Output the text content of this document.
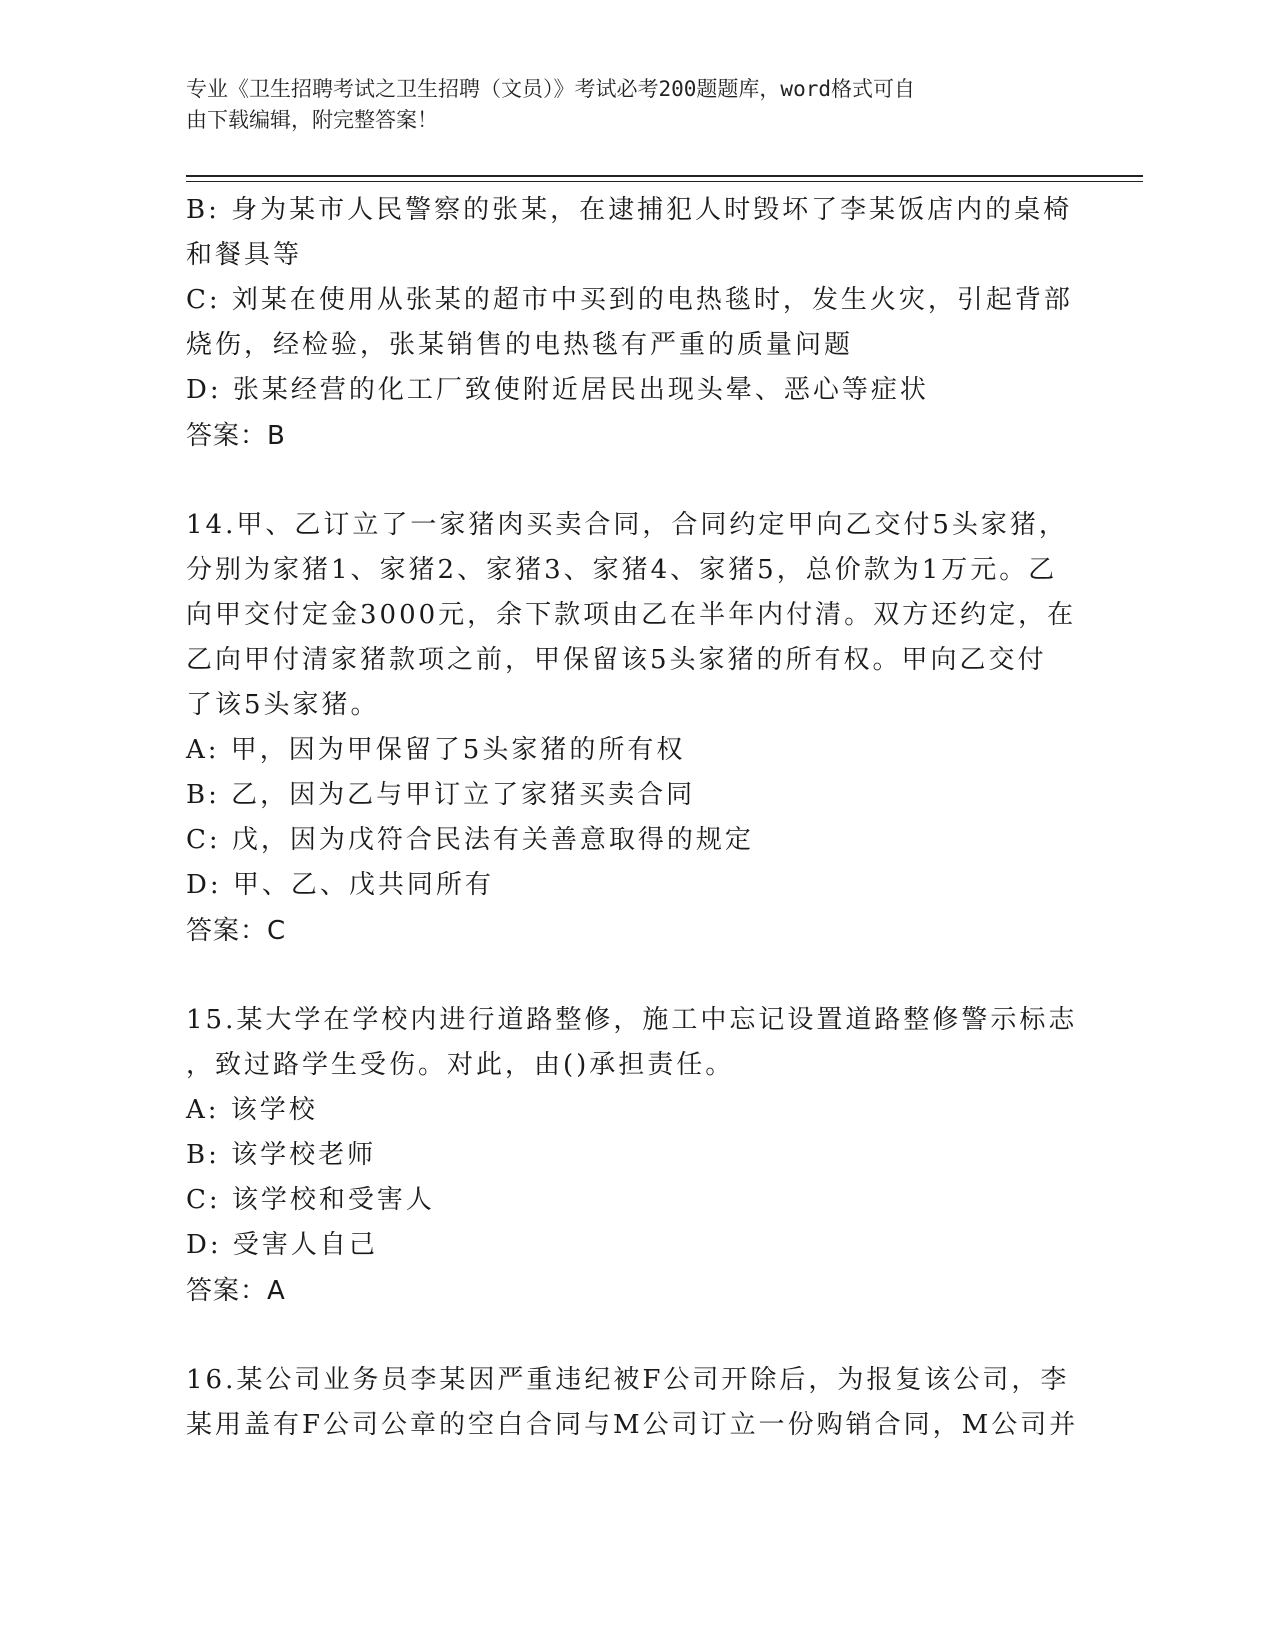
专业《卫生招聘考试之卫生招聘（文员）》考试必考200题题库，word格式可自
由下载编辑，附完整答案！
B: 身为某市人民警察的张某，在逮捕犯人时毁坏了李某饭店内的桌椅
和餐具等
C: 刘某在使用从张某的超市中买到的电热毯时，发生火灾，引起背部
烧伤，经检验，张某销售的电热毯有严重的质量问题
D: 张某经营的化工厂致使附近居民出现头晕、恶心等症状
答案：B
14.甲、乙订立了一家猪肉买卖合同，合同约定甲向乙交付5头家猪，
分别为家猪1、家猪2、家猪3、家猪4、家猪5，总价款为1万元。乙
向甲交付定金3000元，余下款项由乙在半年内付清。双方还约定，在
乙向甲付清家猪款项之前，甲保留该5头家猪的所有权。甲向乙交付
了该5头家猪。
A: 甲，因为甲保留了5头家猪的所有权
B: 乙，因为乙与甲订立了家猪买卖合同
C: 戊，因为戊符合民法有关善意取得的规定
D: 甲、乙、戊共同所有
答案：C
15.某大学在学校内进行道路整修，施工中忘记设置道路整修警示标志
，致过路学生受伤。对此，由()承担责任。
A: 该学校
B: 该学校老师
C: 该学校和受害人
D: 受害人自己
答案：A
16.某公司业务员李某因严重违纪被F公司开除后，为报复该公司，李
某用盖有F公司公章的空白合同与M公司订立一份购销合同，M公司并
